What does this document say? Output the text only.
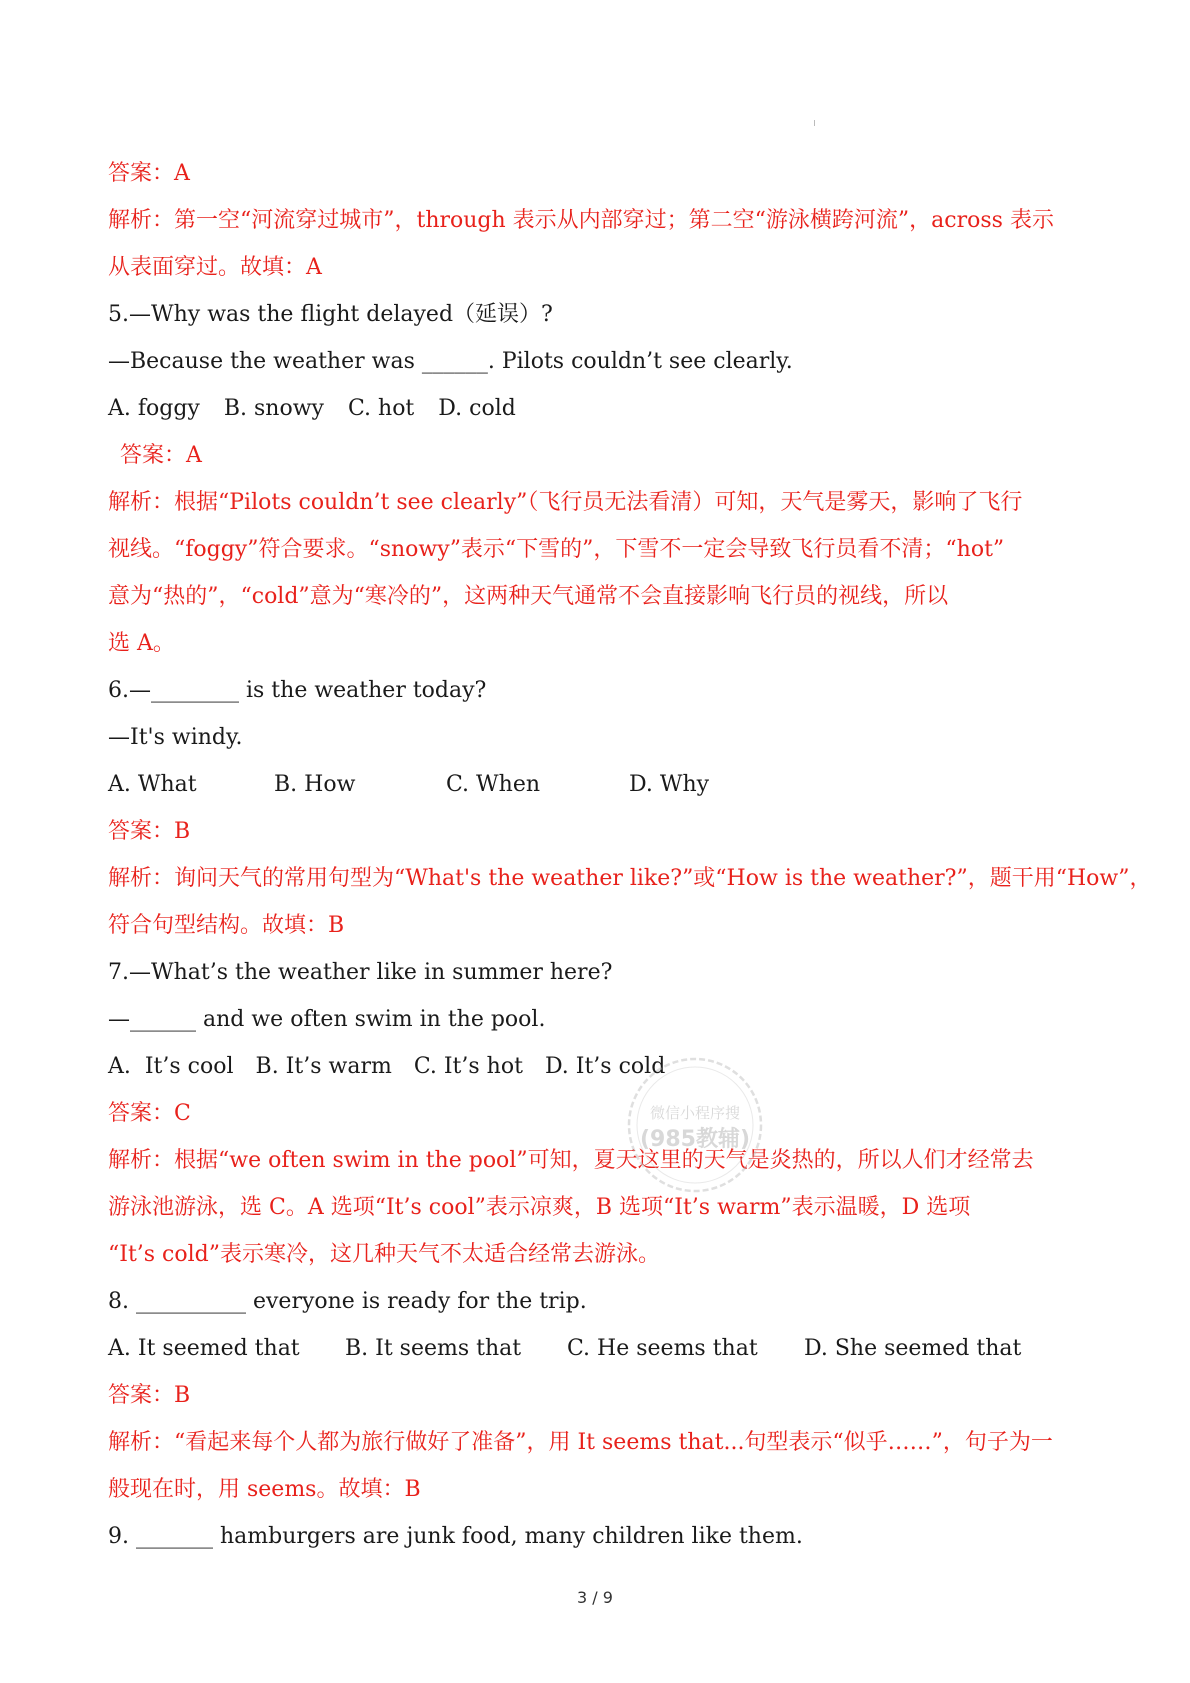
答案：A
解析：第一空“河流穿过城市”，through 表示从内部穿过；第二空“游泳横跨河流”，across 表示
从表面穿过。故填：A
5.—Why was the flight delayed（延误）?
—Because the weather was ______. Pilots couldn’t see clearly.
A. foggy B. snowy C. hot D. cold
答案：A
解析：根据“Pilots couldn’t see clearly”（飞行员无法看清）可知，天气是雾天，影响了飞行
视线。“foggy”符合要求。“snowy”表示“下雪的”，下雪不一定会导致飞行员看不清；“hot”
意为“热的”，“cold”意为“寒冷的”，这两种天气通常不会直接影响飞行员的视线，所以
选 A。
6.—________ is the weather today?
—It's windy.
A. What	B. How	C. When	D. Why
答案：B
解析：询问天气的常用句型为“What's the weather like?”或“How is the weather?”，题干用“How”，
符合句型结构。故填：B
7.—What’s the weather like in summer here?
—______ and we often swim in the pool.
A.  It’s cool B. It’s warm C. It’s hot D. It’s cold
答案：C
解析：根据“we often swim in the pool”可知，夏天这里的天气是炎热的，所以人们才经常去
游泳池游泳，选 C。A 选项“It’s cool”表示凉爽，B 选项“It’s warm”表示温暖，D 选项
“It’s cold”表示寒冷，这几种天气不太适合经常去游泳。
8. __________ everyone is ready for the trip.
A. It seemed that B. It seems that C. He seems that D. She seemed that
答案：B
解析：“看起来每个人都为旅行做好了准备”，用 It seems that...句型表示“似乎……”，句子为一
般现在时，用 seems。故填：B
9. _______ hamburgers are junk food, many children like them.
微信小程序搜
(985教辅)
3 / 9
